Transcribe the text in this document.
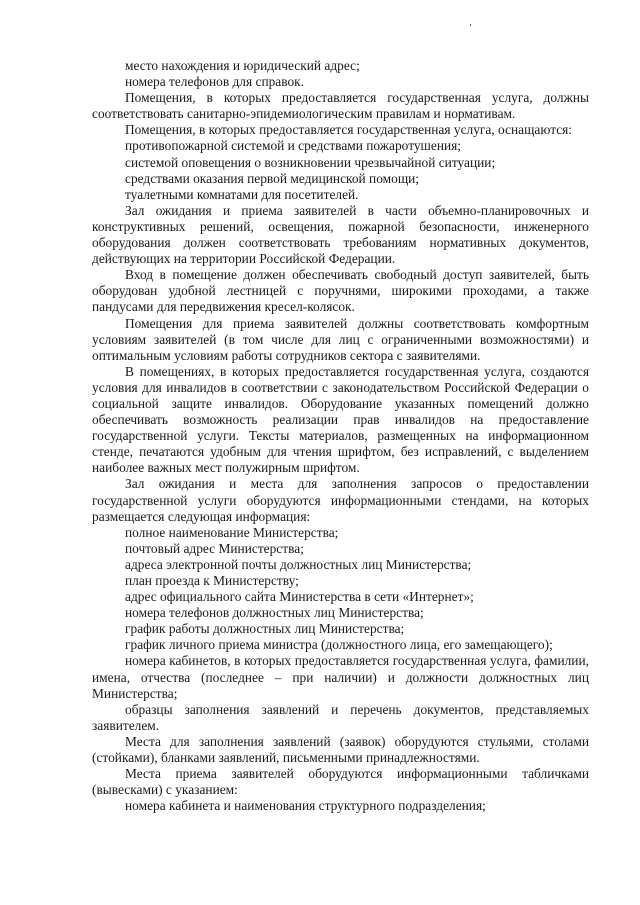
место нахождения и юридический адрес;

номера телефонов для справок.

Помещения, в которых предоставляется государственная услуга, должны соответствовать санитарно-эпидемиологическим правилам и нормативам.

Помещения, в которых предоставляется государственная услуга, оснащаются:

противопожарной системой и средствами пожаротушения;

системой оповещения о возникновении чрезвычайной ситуации;

средствами оказания первой медицинской помощи;

туалетными комнатами для посетителей.

Зал ожидания и приема заявителей в части объемно-планировочных и конструктивных решений, освещения, пожарной безопасности, инженерного оборудования должен соответствовать требованиям нормативных документов, действующих на территории Российской Федерации.

Вход в помещение должен обеспечивать свободный доступ заявителей, быть оборудован удобной лестницей с поручнями, широкими проходами, а также пандусами для передвижения кресел-колясок.

Помещения для приема заявителей должны соответствовать комфортным условиям заявителей (в том числе для лиц с ограниченными возможностями) и оптимальным условиям работы сотрудников сектора с заявителями.

В помещениях, в которых предоставляется государственная услуга, создаются условия для инвалидов в соответствии с законодательством Российской Федерации о социальной защите инвалидов. Оборудование указанных помещений должно обеспечивать возможность реализации прав инвалидов на предоставление государственной услуги. Тексты материалов, размещенных на информационном стенде, печатаются удобным для чтения шрифтом, без исправлений, с выделением наиболее важных мест полужирным шрифтом.

Зал ожидания и места для заполнения запросов о предоставлении государственной услуги оборудуются информационными стендами, на которых размещается следующая информация:

полное наименование Министерства;

почтовый адрес Министерства;

адреса электронной почты должностных лиц Министерства;

план проезда к Министерству;

адрес официального сайта Министерства в сети «Интернет»;

номера телефонов должностных лиц Министерства;

график работы должностных лиц Министерства;

график личного приема министра (должностного лица, его замещающего);

номера кабинетов, в которых предоставляется государственная услуга, фамилии, имена, отчества (последнее – при наличии) и должности должностных лиц Министерства;

образцы заполнения заявлений и перечень документов, представляемых заявителем.

Места для заполнения заявлений (заявок) оборудуются стульями, столами (стойками), бланками заявлений, письменными принадлежностями.

Места приема заявителей оборудуются информационными табличками (вывесками) с указанием:

номера кабинета и наименования структурного подразделения;
